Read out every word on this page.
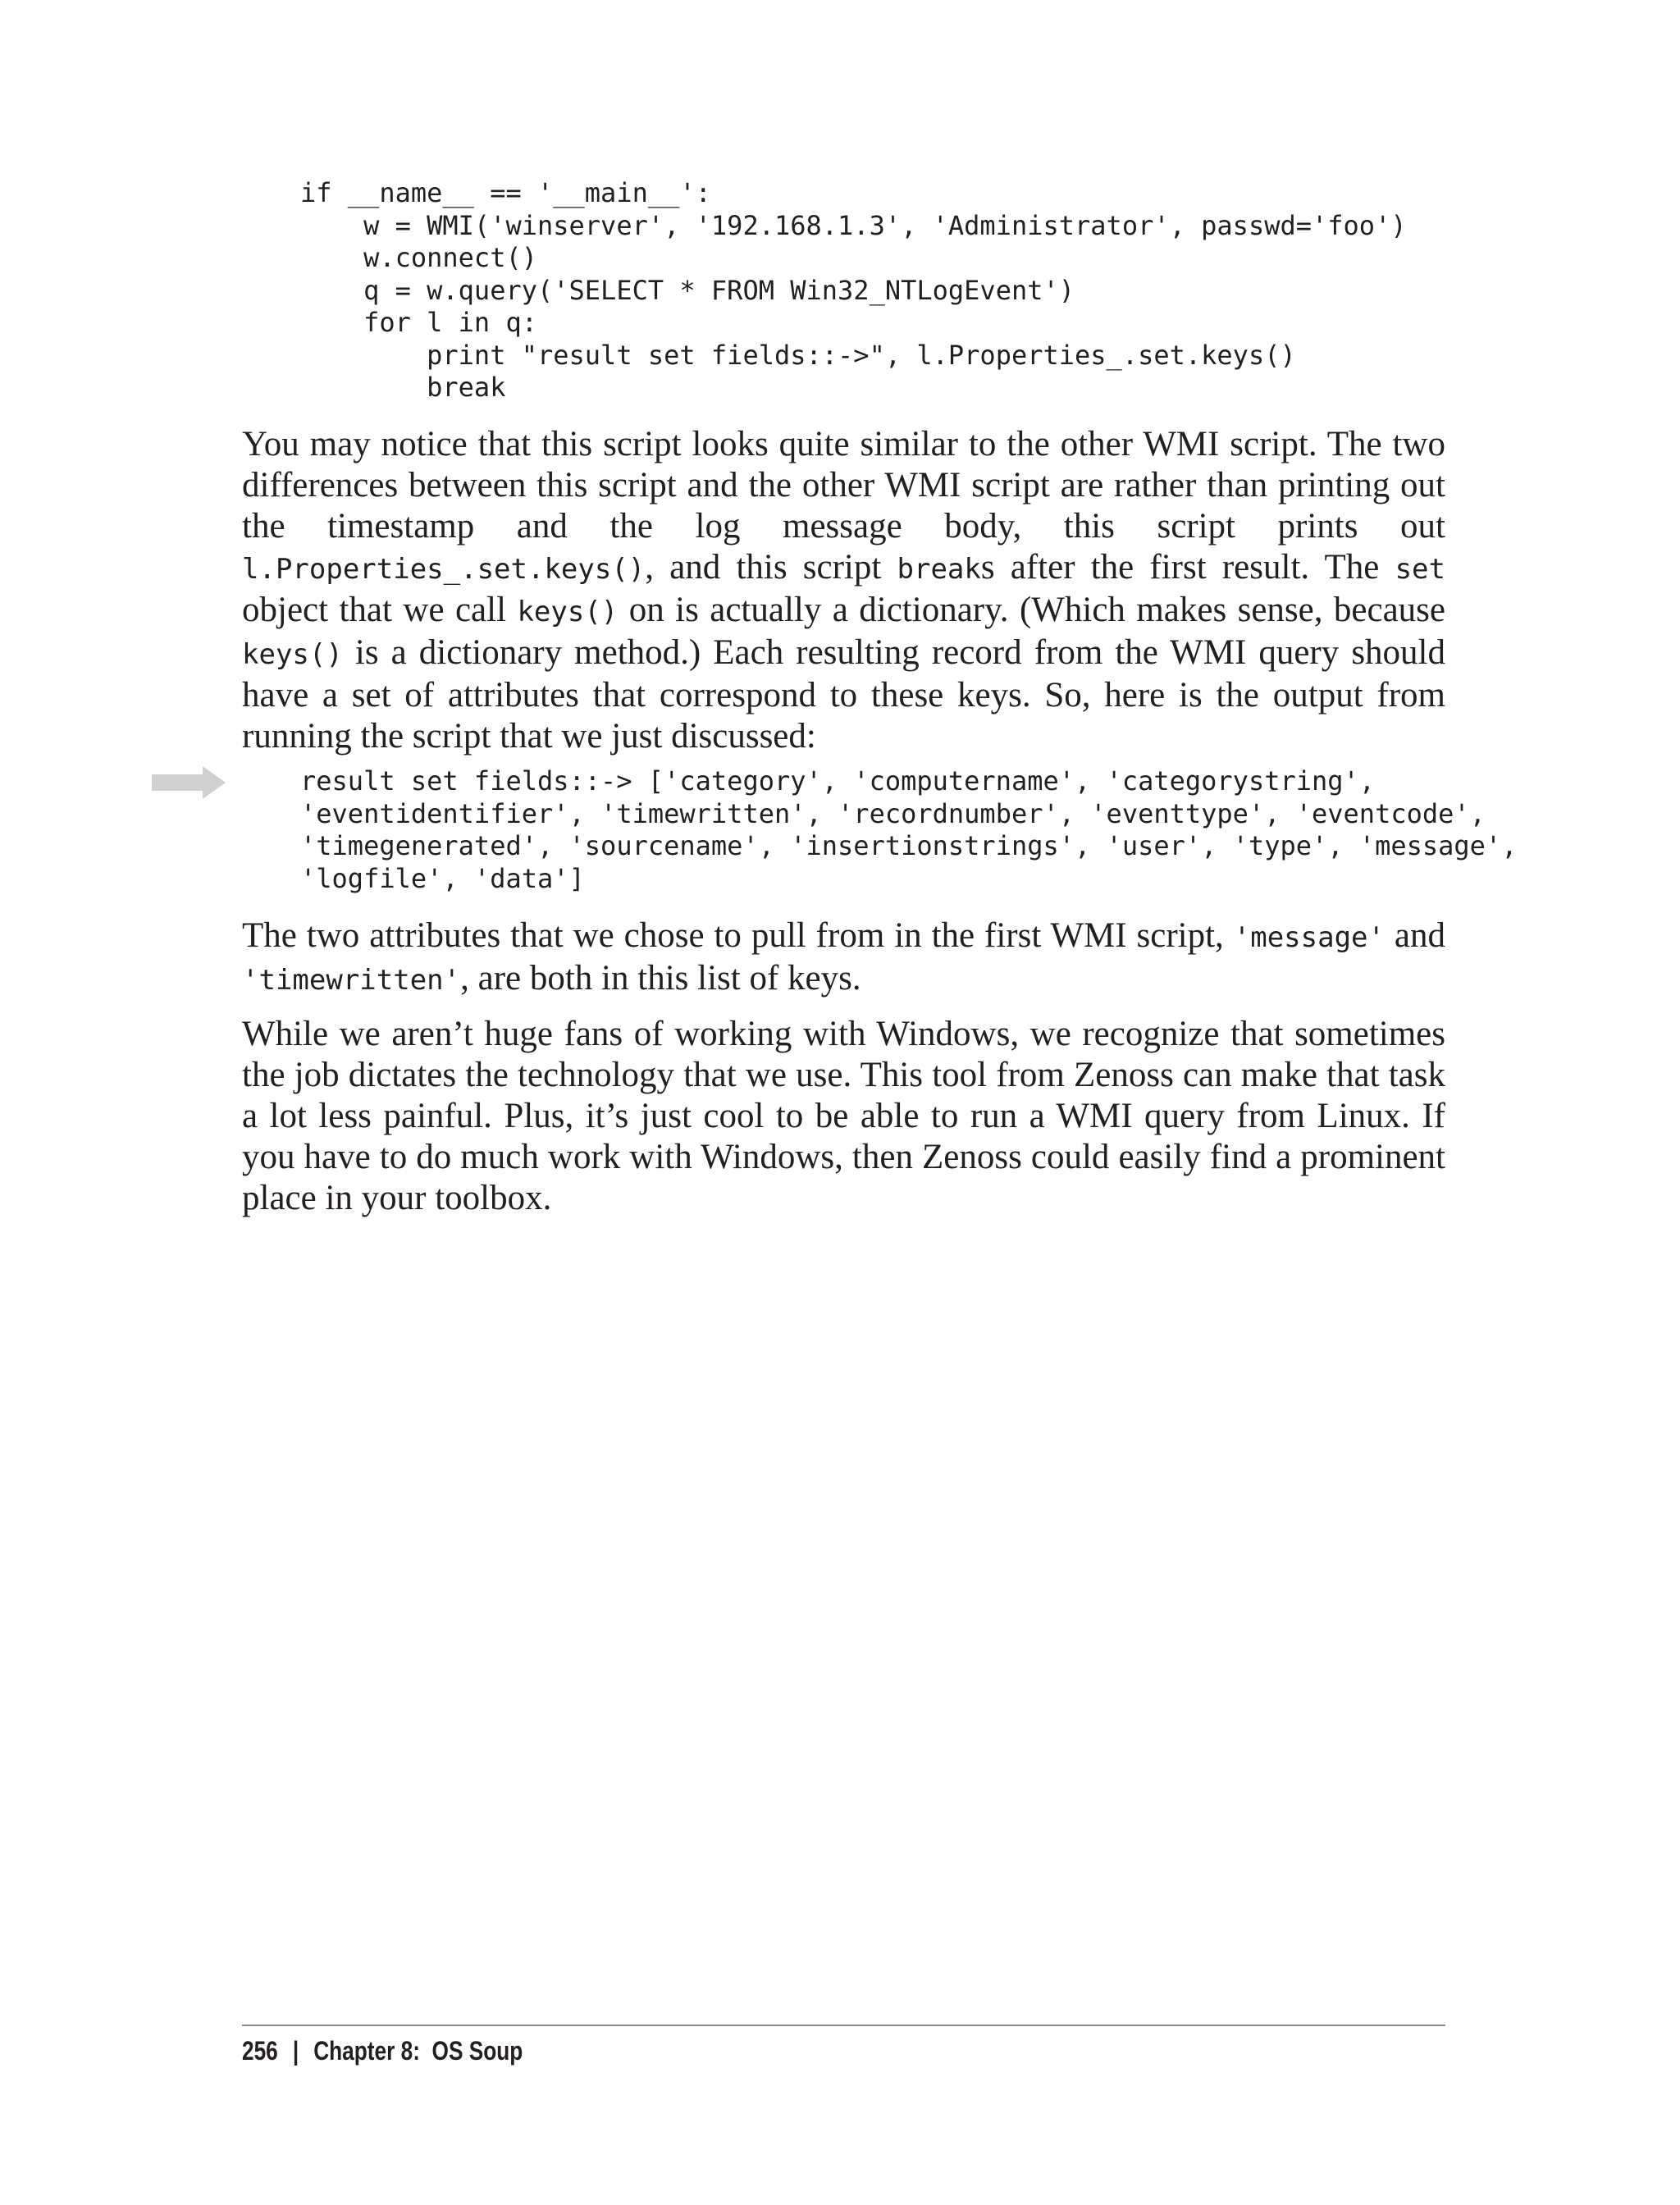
if __name__ == '__main__':
w = WMI('winserver', '192.168.1.3', 'Administrator', passwd='foo')
w.connect()
q = w.query('SELECT * FROM Win32_NTLogEvent')
for l in q:
print "result set fields::->", l.Properties_.set.keys()
break

You may notice that this script looks quite similar to the other WMI script. The two differences between this script and the other WMI script are rather than printing out the timestamp and the log message body, this script prints out l.Properties_.set.keys(), and this script breaks after the first result. The set object that we call keys() on is actually a dictionary. (Which makes sense, because keys() is a dictionary method.) Each resulting record from the WMI query should have a set of attributes that correspond to these keys. So, here is the output from running the script that we just discussed:

result set fields::-> ['category', 'computername', 'categorystring',
'eventidentifier', 'timewritten', 'recordnumber', 'eventtype', 'eventcode',
'timegenerated', 'sourcename', 'insertionstrings', 'user', 'type', 'message',
'logfile', 'data']

The two attributes that we chose to pull from in the first WMI script, 'message' and 'timewritten', are both in this list of keys.

While we aren’t huge fans of working with Windows, we recognize that sometimes the job dictates the technology that we use. This tool from Zenoss can make that task a lot less painful. Plus, it’s just cool to be able to run a WMI query from Linux. If you have to do much work with Windows, then Zenoss could easily find a prominent place in your toolbox.

256 | Chapter 8:  OS Soup
